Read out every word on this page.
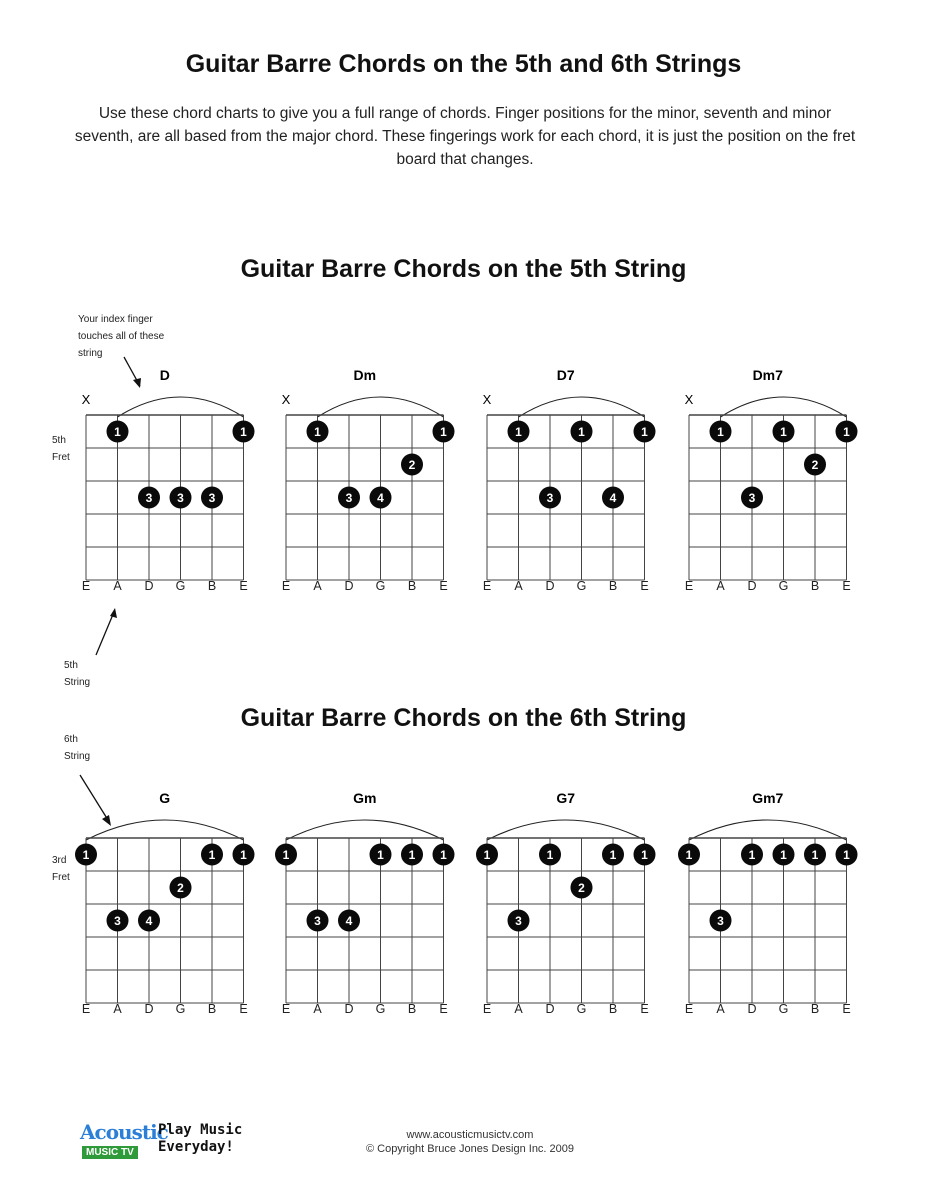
Guitar Barre Chords on the 5th and 6th Strings
Use these chord charts to give you a full range of chords. Finger positions for the minor, seventh and minor seventh, are all based from the major chord. These fingerings work for each chord, it is just the position on the fret board that changes.
Guitar Barre Chords on the 5th String
Guitar Barre Chords on the 6th String
D
X
E A D G B E
1	1
3 3 3
Dm
X
E A D G B E
1	1
2
3 4
D7
X
E A D G B E
1	1	1
3	4
Dm7
X
E A D G B E
1	1	1
2
3
G
E A D G B E
1	1 1
2
3 4
Gm
E A D G B E
1	1 1 1
3 4
G7
E A D G B E
1	1	1 1
2
3
Gm7
E A D G B E
1	1 1 1 1
3
Your index finger
touches all of these
string
5th
Fret
5th
String
6th
String
3rd
Fret
www.acousticmusictv.com
© Copyright Bruce Jones Design Inc. 2009
Acoustic
MUSIC TV
Play Music
Everyday!
